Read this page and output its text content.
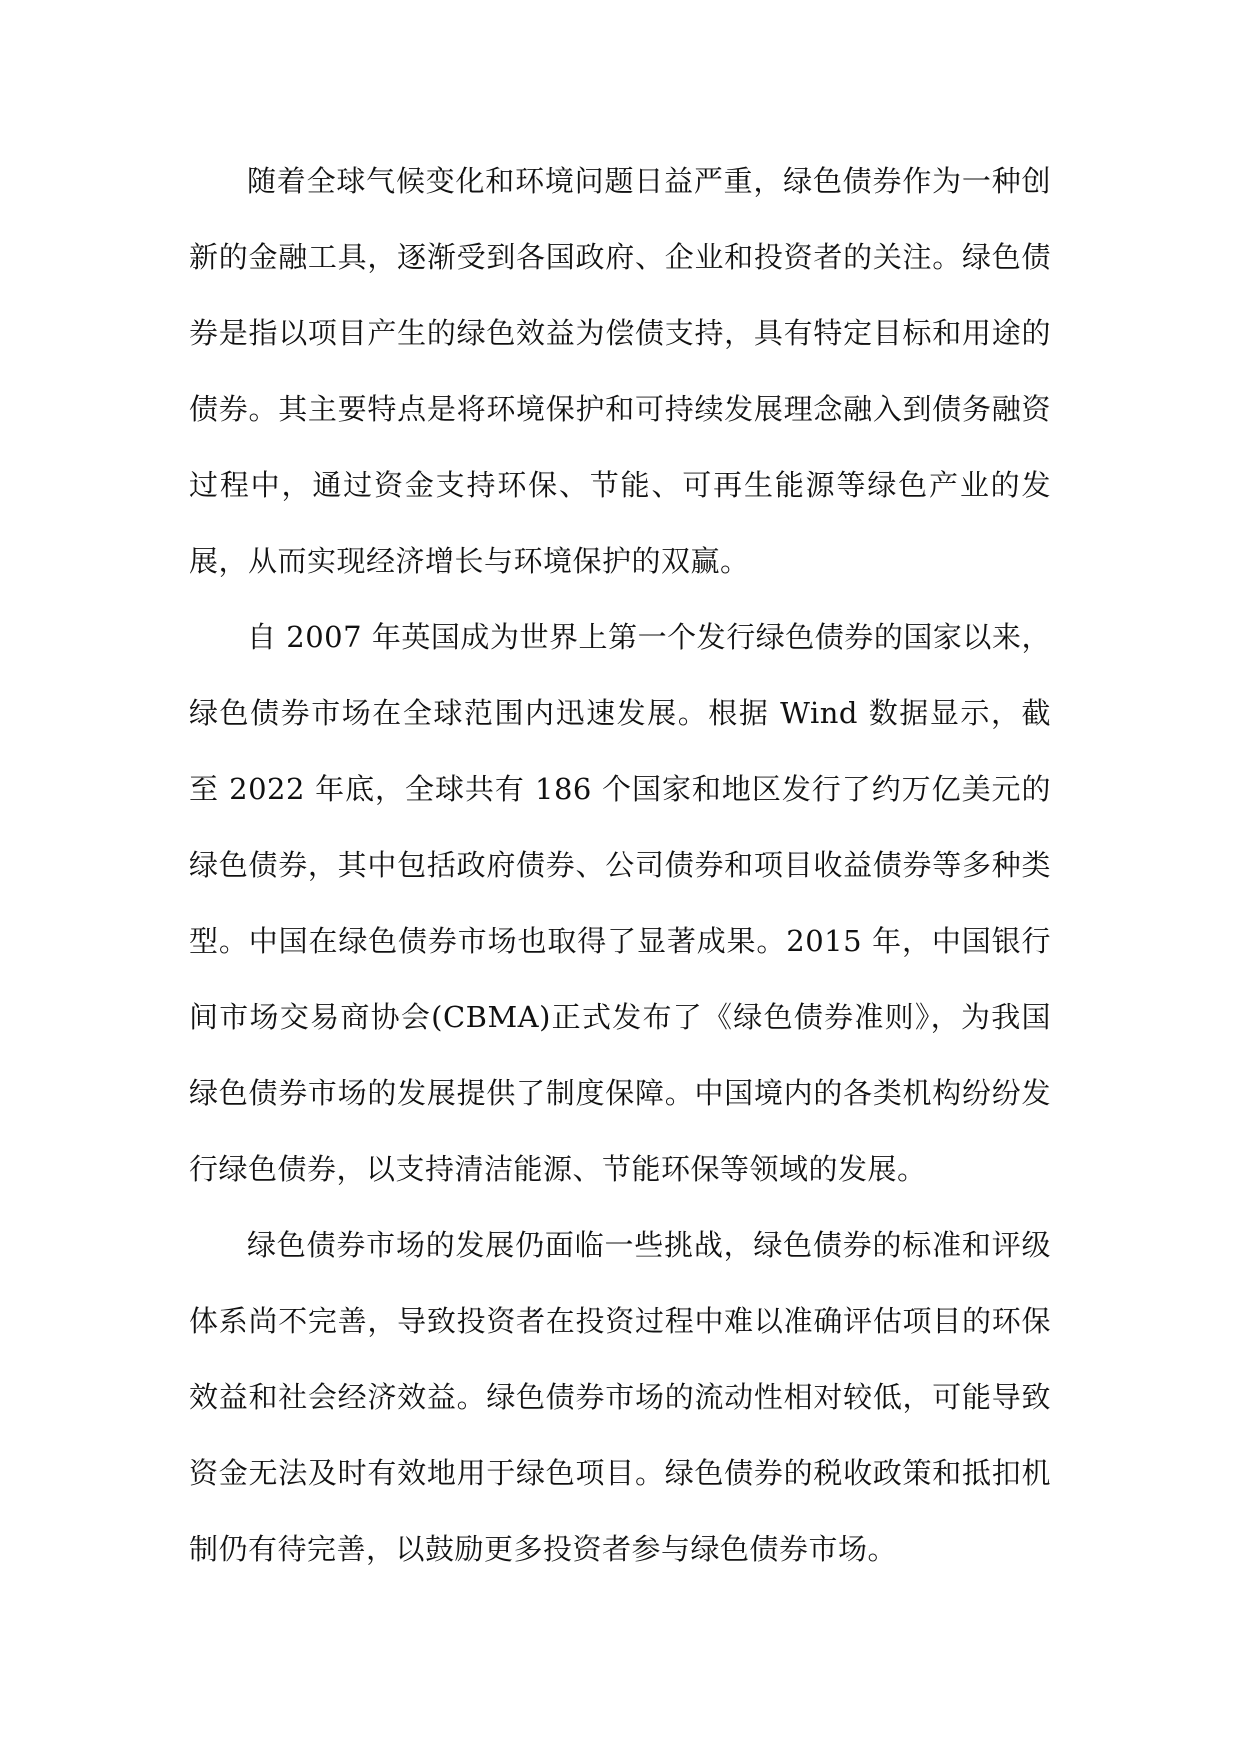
随着全球气候变化和环境问题日益严重，绿色债券作为一种创新的金融工具，逐渐受到各国政府、企业和投资者的关注。绿色债券是指以项目产生的绿色效益为偿债支持，具有特定目标和用途的债券。其主要特点是将环境保护和可持续发展理念融入到债务融资过程中，通过资金支持环保、节能、可再生能源等绿色产业的发展，从而实现经济增长与环境保护的双赢。

自 2007 年英国成为世界上第一个发行绿色债券的国家以来，绿色债券市场在全球范围内迅速发展。根据 Wind 数据显示，截至 2022 年底，全球共有 186 个国家和地区发行了约万亿美元的绿色债券，其中包括政府债券、公司债券和项目收益债券等多种类型。中国在绿色债券市场也取得了显著成果。2015 年，中国银行间市场交易商协会(CBMA)正式发布了《绿色债券准则》，为我国绿色债券市场的发展提供了制度保障。中国境内的各类机构纷纷发行绿色债券，以支持清洁能源、节能环保等领域的发展。

绿色债券市场的发展仍面临一些挑战，绿色债券的标准和评级体系尚不完善，导致投资者在投资过程中难以准确评估项目的环保效益和社会经济效益。绿色债券市场的流动性相对较低，可能导致资金无法及时有效地用于绿色项目。绿色债券的税收政策和抵扣机制仍有待完善，以鼓励更多投资者参与绿色债券市场。
